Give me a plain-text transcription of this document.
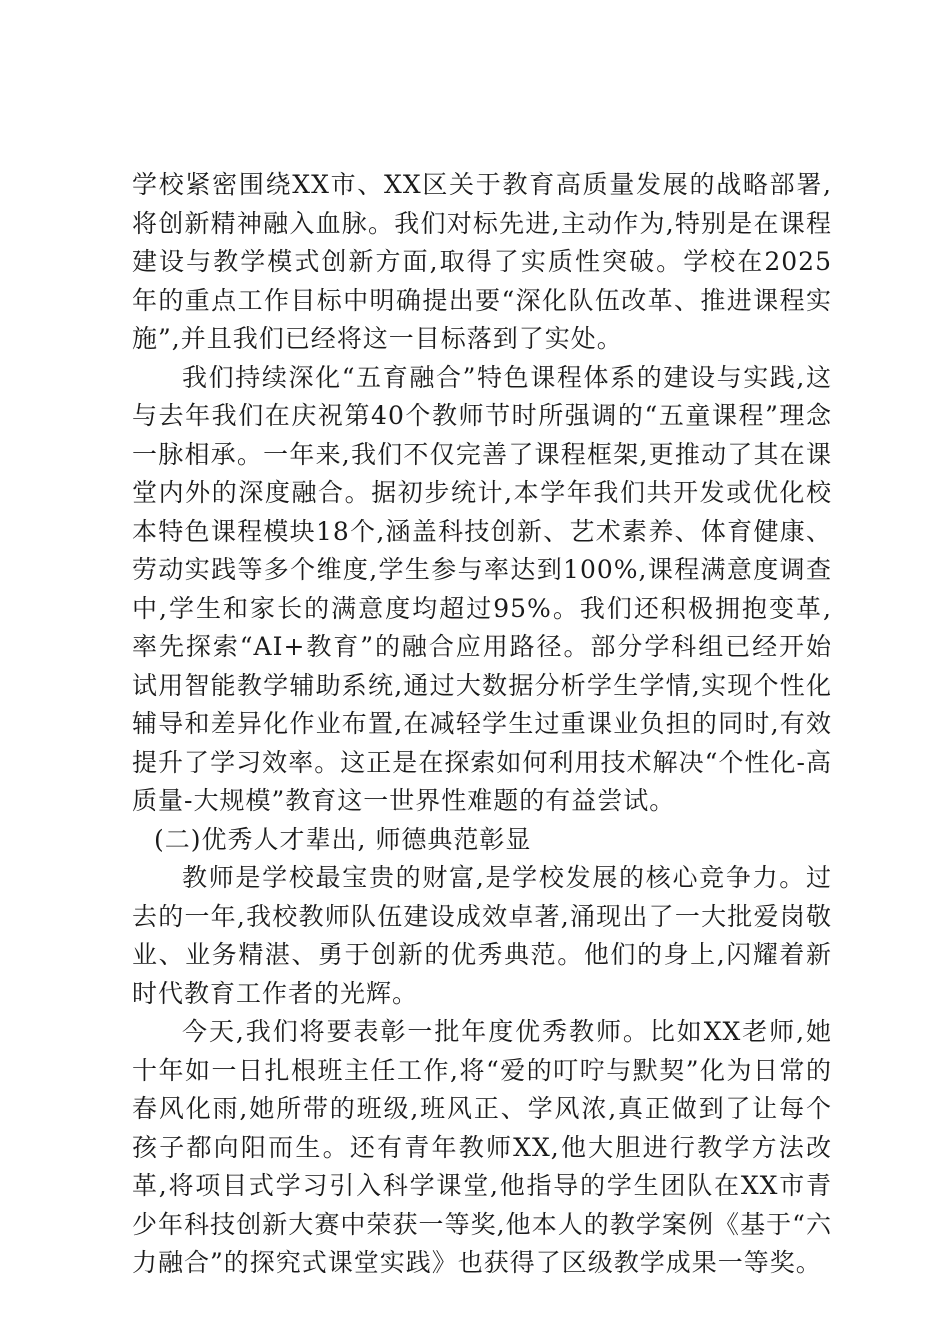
学校紧密围绕XX市、XX区关于教育高质量发展的战略部署,将创新精神融入血脉。我们对标先进,主动作为,特别是在课程建设与教学模式创新方面,取得了实质性突破。学校在2025年的重点工作目标中明确提出要“深化队伍改革、推进课程实施”,并且我们已经将这一目标落到了实处。

我们持续深化“五育融合”特色课程体系的建设与实践,这与去年我们在庆祝第40个教师节时所强调的“五童课程”理念一脉相承。一年来,我们不仅完善了课程框架,更推动了其在课堂内外的深度融合。据初步统计,本学年我们共开发或优化校本特色课程模块18个,涵盖科技创新、艺术素养、体育健康、劳动实践等多个维度,学生参与率达到100%,课程满意度调查中,学生和家长的满意度均超过95%。我们还积极拥抱变革,率先探索“AI+教育”的融合应用路径。部分学科组已经开始试用智能教学辅助系统,通过大数据分析学生学情,实现个性化辅导和差异化作业布置,在减轻学生过重课业负担的同时,有效提升了学习效率。这正是在探索如何利用技术解决“个性化-高质量-大规模”教育这一世界性难题的有益尝试。

(二)优秀人才辈出, 师德典范彰显

教师是学校最宝贵的财富,是学校发展的核心竞争力。过去的一年,我校教师队伍建设成效卓著,涌现出了一大批爱岗敬业、业务精湛、勇于创新的优秀典范。他们的身上,闪耀着新时代教育工作者的光辉。

今天,我们将要表彰一批年度优秀教师。比如XX老师,她十年如一日扎根班主任工作,将“爱的叮咛与默契”化为日常的春风化雨,她所带的班级,班风正、学风浓,真正做到了让每个孩子都向阳而生。还有青年教师XX,他大胆进行教学方法改革,将项目式学习引入科学课堂,他指导的学生团队在XX市青少年科技创新大赛中荣获一等奖,他本人的教学案例《基于“六力融合”的探究式课堂实践》也获得了区级教学成果一等奖。
